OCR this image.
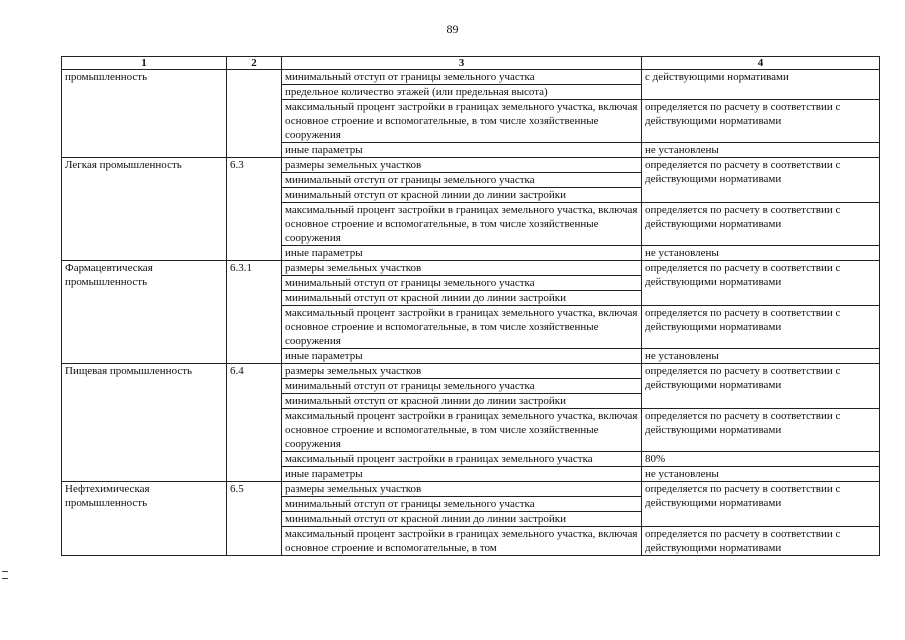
89
1	2	3	4
промышленность		минимальный отступ от границы земельного участка	с действующими нормативами
		предельное количество этажей (или предельная высота)	
		максимальный процент застройки в границах земельного участка, включая основное строение и вспомогательные, в том числе хозяйственные сооружения	определяется по расчету в соответствии с действующими нормативами
		иные параметры	не установлены
Легкая промышленность	6.3	размеры земельных участков	определяется по расчету в соответствии с действующими нормативами
		минимальный отступ от границы земельного участка	
		минимальный отступ от красной линии до линии застройки	
		максимальный процент застройки в границах земельного участка, включая основное строение и вспомогательные, в том числе хозяйственные сооружения	определяется по расчету в соответствии с действующими нормативами
		иные параметры	не установлены
Фармацевтическая промышленность	6.3.1	размеры земельных участков	определяется по расчету в соответствии с действующими нормативами
		минимальный отступ от границы земельного участка	
		минимальный отступ от красной линии до линии застройки	
		максимальный процент застройки в границах земельного участка, включая основное строение и вспомогательные, в том числе хозяйственные сооружения	определяется по расчету в соответствии с действующими нормативами
		иные параметры	не установлены
Пищевая промышленность	6.4	размеры земельных участков	определяется по расчету в соответствии с действующими нормативами
		минимальный отступ от границы земельного участка	
		минимальный отступ от красной линии до линии застройки	
		максимальный процент застройки в границах земельного участка, включая основное строение и вспомогательные, в том числе хозяйственные сооружения	определяется по расчету в соответствии с действующими нормативами
		максимальный процент застройки в границах земельного участка	80%
		иные параметры	не установлены
Нефтехимическая промышленность	6.5	размеры земельных участков	определяется по расчету в соответствии с действующими нормативами
		минимальный отступ от границы земельного участка	
		минимальный отступ от красной линии до линии застройки	
		максимальный процент застройки в границах земельного участка, включая основное строение и вспомогательные, в том	определяется по расчету в соответствии с действующими нормативами
